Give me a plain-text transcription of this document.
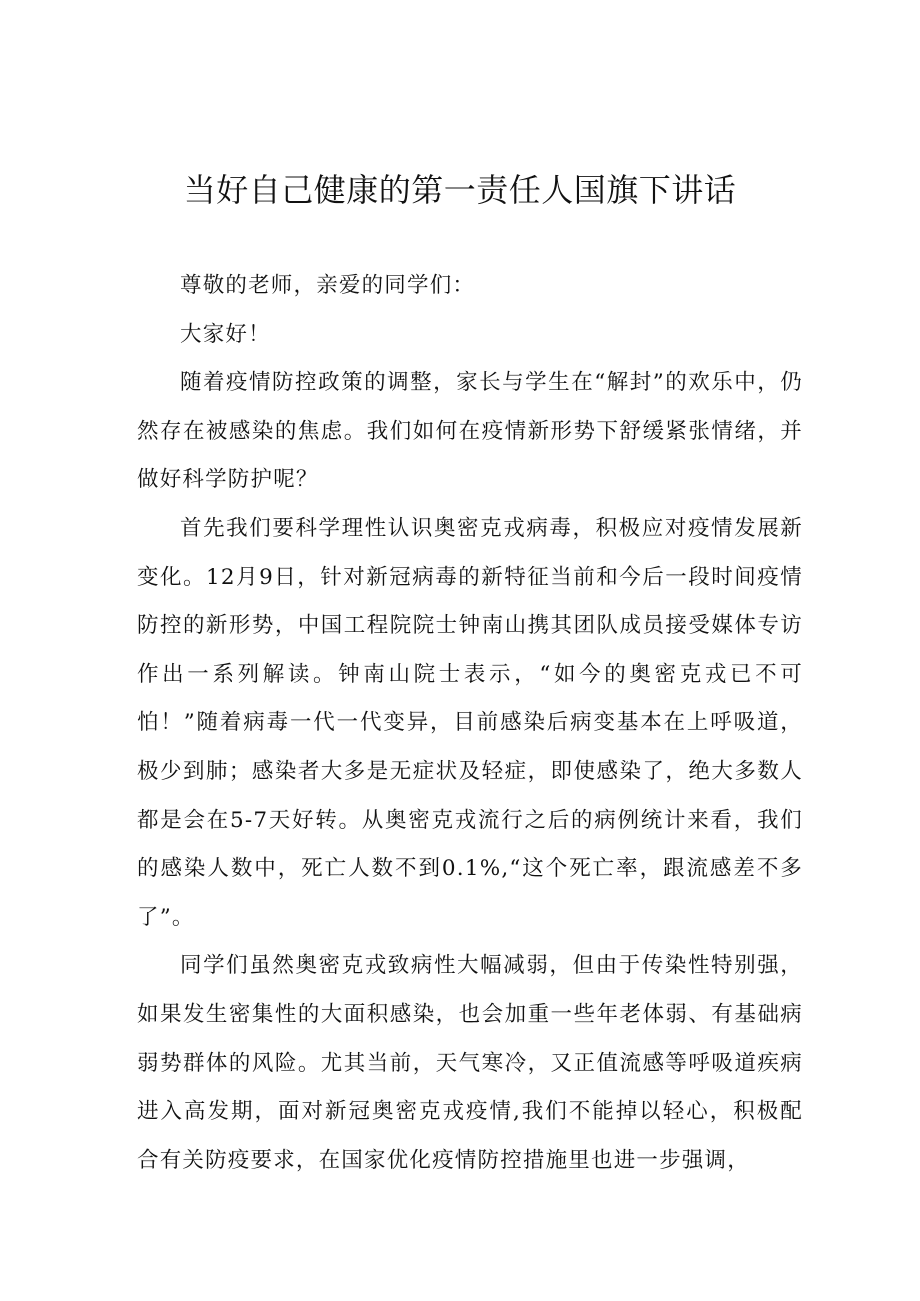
当好自己健康的第一责任人国旗下讲话

尊敬的老师，亲爱的同学们：

大家好！

随着疫情防控政策的调整，家长与学生在“解封”的欢乐中，仍然存在被感染的焦虑。我们如何在疫情新形势下舒缓紧张情绪，并做好科学防护呢？

首先我们要科学理性认识奥密克戎病毒，积极应对疫情发展新变化。12月9日，针对新冠病毒的新特征当前和今后一段时间疫情防控的新形势，中国工程院院士钟南山携其团队成员接受媒体专访作出一系列解读。钟南山院士表示，“如今的奥密克戎已不可怕！”随着病毒一代一代变异，目前感染后病变基本在上呼吸道，极少到肺；感染者大多是无症状及轻症，即使感染了，绝大多数人都是会在5-7天好转。从奥密克戎流行之后的病例统计来看，我们的感染人数中，死亡人数不到0.1%,“这个死亡率，跟流感差不多了”。

同学们虽然奥密克戎致病性大幅减弱，但由于传染性特别强，如果发生密集性的大面积感染，也会加重一些年老体弱、有基础病弱势群体的风险。尤其当前，天气寒冷，又正值流感等呼吸道疾病进入高发期，面对新冠奥密克戎疫情,我们不能掉以轻心，积极配合有关防疫要求，在国家优化疫情防控措施里也进一步强调，
